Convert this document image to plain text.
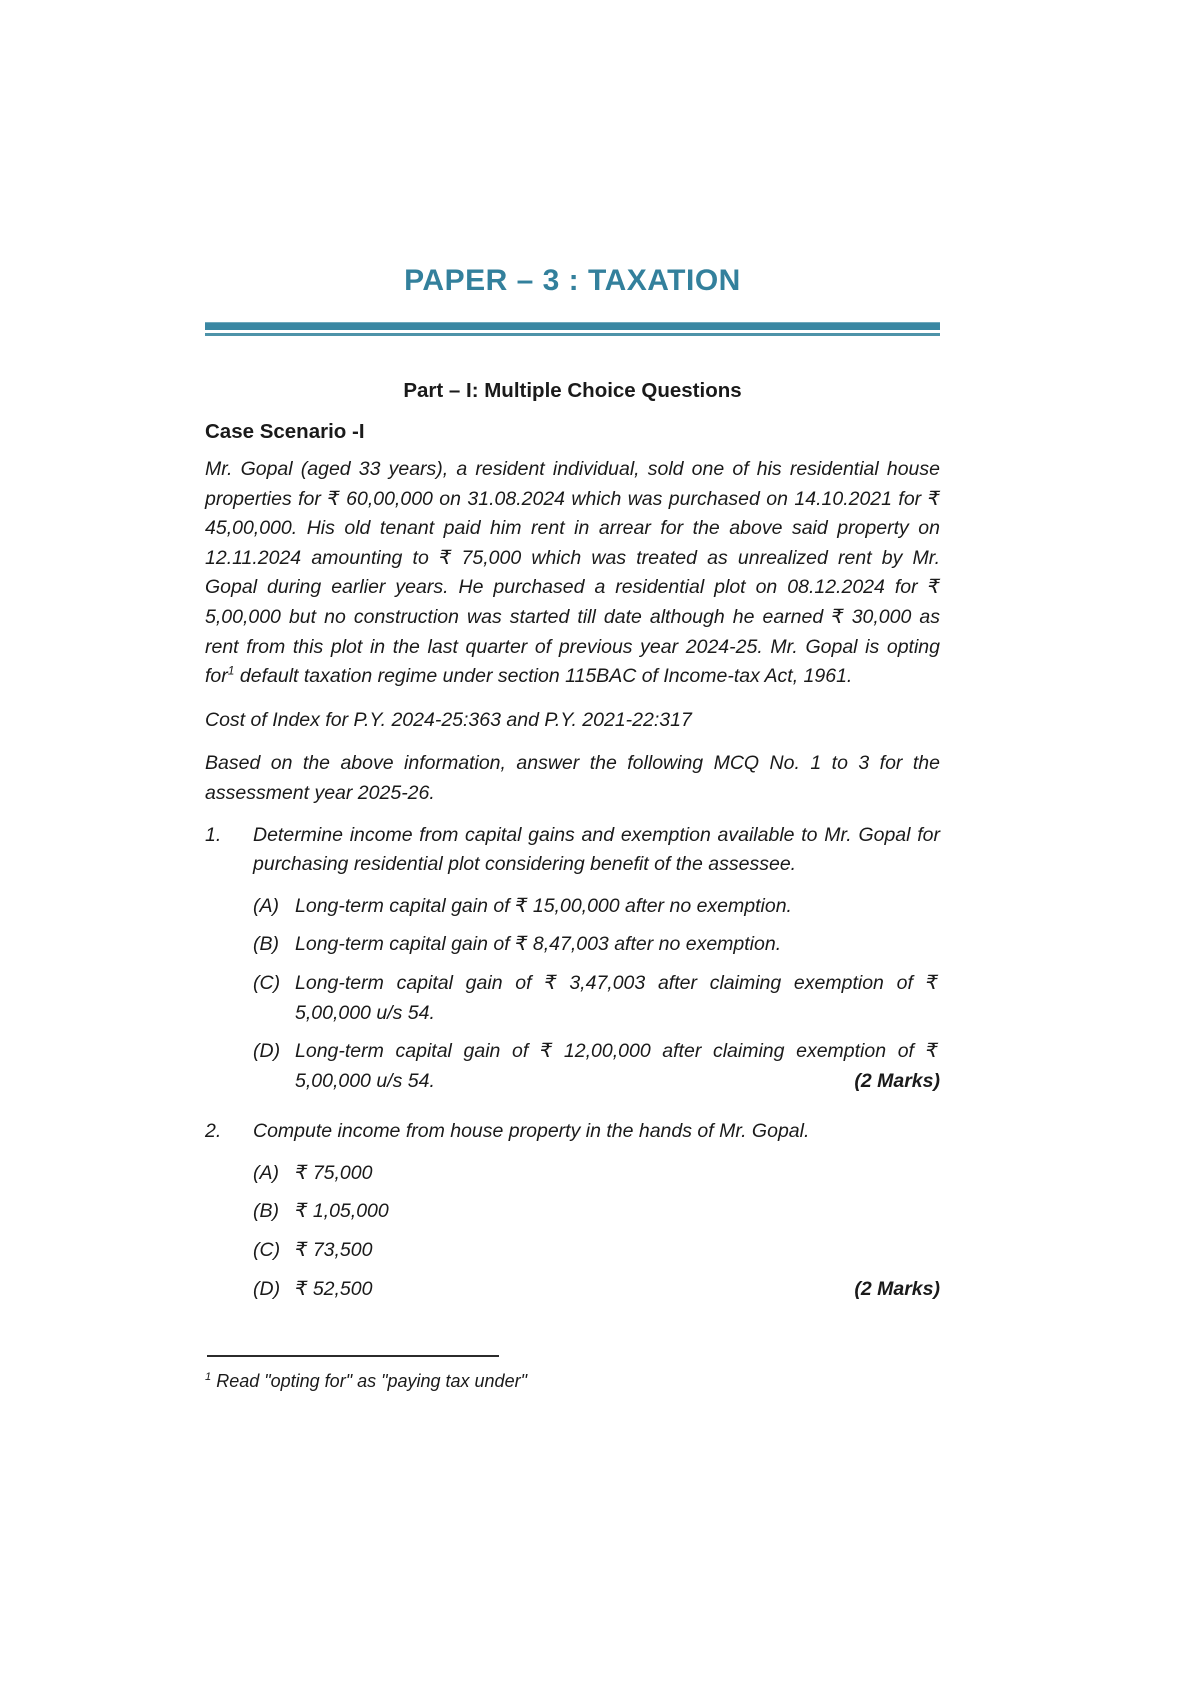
PAPER – 3 : TAXATION
Part – I: Multiple Choice Questions
Case Scenario -I

Mr. Gopal (aged 33 years), a resident individual, sold one of his residential house properties for ₹ 60,00,000 on 31.08.2024 which was purchased on 14.10.2021 for ₹ 45,00,000. His old tenant paid him rent in arrear for the above said property on 12.11.2024 amounting to ₹ 75,000 which was treated as unrealized rent by Mr. Gopal during earlier years. He purchased a residential plot on 08.12.2024 for ₹ 5,00,000 but no construction was started till date although he earned ₹ 30,000 as rent from this plot in the last quarter of previous year 2024-25. Mr. Gopal is opting for$^1$ default taxation regime under section 115BAC of Income-tax Act, 1961.

Cost of Index for P.Y. 2024-25:363 and P.Y. 2021-22:317

Based on the above information, answer the following MCQ No. 1 to 3 for the assessment year 2025-26.

1.	Determine income from capital gains and exemption available to Mr. Gopal for purchasing residential plot considering benefit of the assessee.

(A) Long-term capital gain of ₹ 15,00,000 after no exemption.
(B) Long-term capital gain of ₹ 8,47,003 after no exemption.
(C) Long-term capital gain of ₹ 3,47,003 after claiming exemption of ₹ 5,00,000 u/s 54.
(D) Long-term capital gain of ₹ 12,00,000 after claiming exemption of ₹ 5,00,000 u/s 54.	(2 Marks)
2.	Compute income from house property in the hands of Mr. Gopal.

(A) ₹ 75,000
(B) ₹ 1,05,000
(C) ₹ 73,500
(D) ₹ 52,500	(2 Marks)

$^1$ Read "opting for" as "paying tax under"
